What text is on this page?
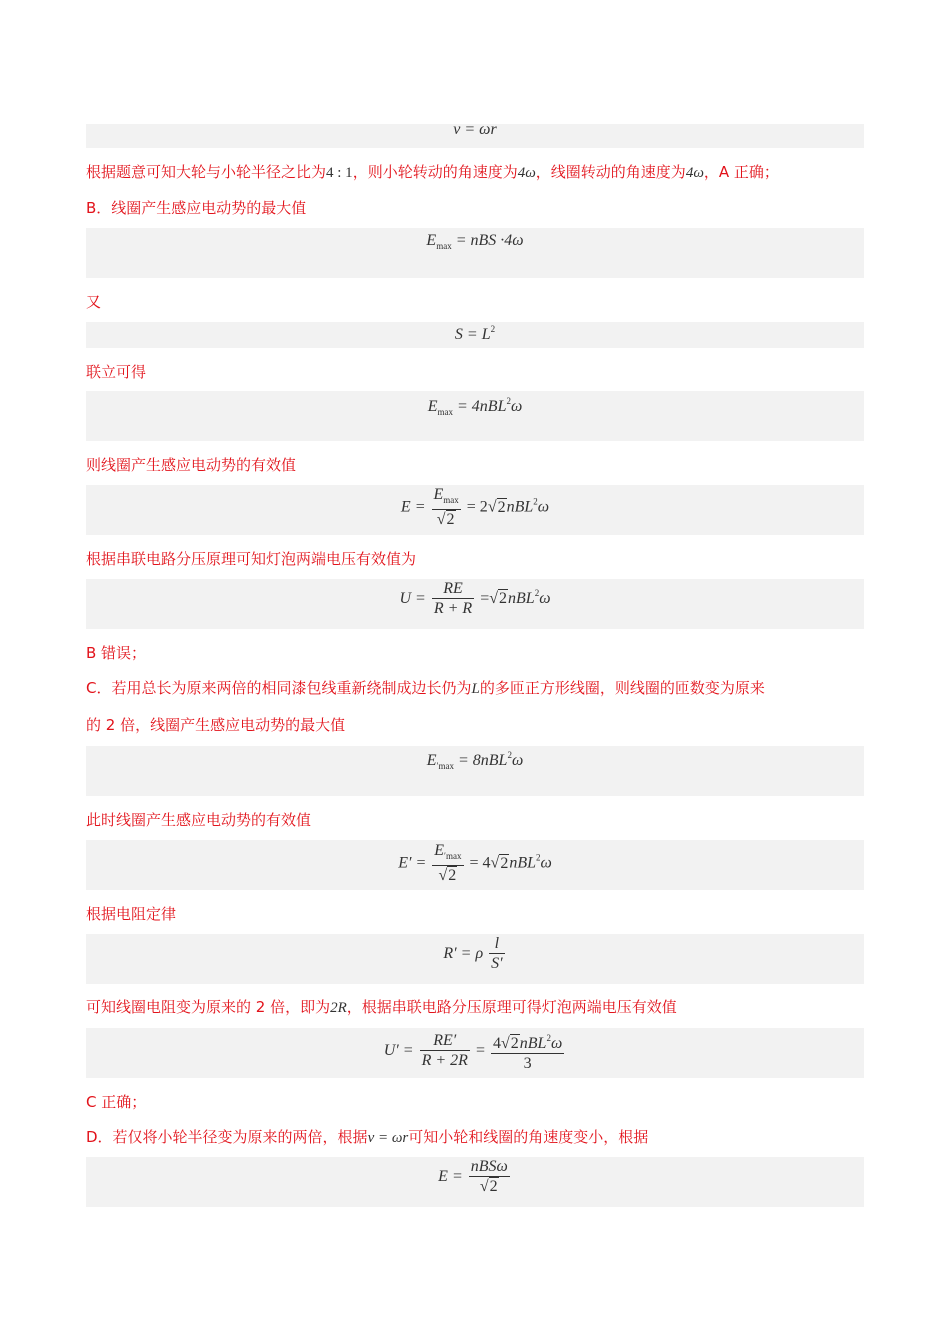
v = ωr
根据题意可知大轮与小轮半径之比为4 : 1，则小轮转动的角速度为4ω，线圈转动的角速度为4ω，A 正确；
B．线圈产生感应电动势的最大值
$E_{max}$ = nBS ·4ω
又
$S = L^2$
联立可得
$E_{max} = 4nBL^2\omega$
则线圈产生感应电动势的有效值
$E = \frac{E_{max}}{√2} = 2√2nBL^2\omega$
根据串联电路分压原理可知灯泡两端电压有效值为
$U = \frac{RE}{R + R} =√2nBL^2\omega$
B 错误；
C．若用总长为原来两倍的相同漆包线重新绕制成边长仍为L的多匝正方形线圈，则线圈的匝数变为原来
的 2 倍，线圈产生感应电动势的最大值
$E_{'max} = 8nBL^2\omega$
此时线圈产生感应电动势的有效值
$E' = \frac{E_{'max}}{√2} = 4√2nBL^2\omega$
根据电阻定律
R′ = ρ $\frac{l}{S'}$
可知线圈电阻变为原来的 2 倍，即为2R，根据串联电路分压原理可得灯泡两端电压有效值
$U' = \frac{RE'}{R + 2R} = \frac{4√2nBL^2\omega}{3}$
C 正确；
D．若仅将小轮半径变为原来的两倍，根据v = ωr可知小轮和线圈的角速度变小，根据
$E = \frac{\text{nBSω}}{√2}$
